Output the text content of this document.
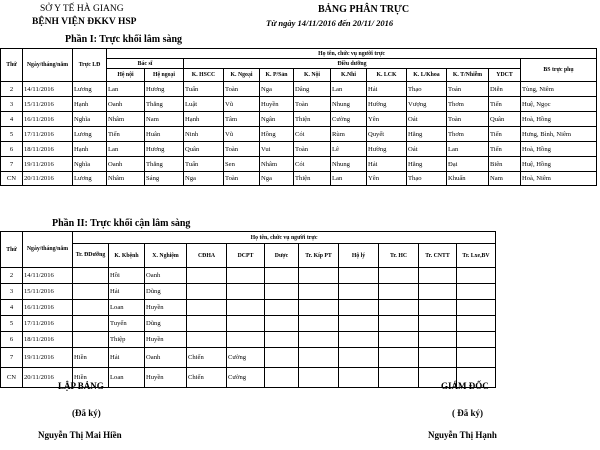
SỞ Y TẾ HÀ GIANG
BỆNH VIỆN ĐKKV HSP
BẢNG PHÂN TRỰC
Từ ngày 14/11/2016 đến 20/11/ 2016
Phần I: Trực khối lâm sàng
Thứ	Ngày/tháng/năm	Trực LĐ	Họ tên, chức vụ người trực											
			Bác sĩ		Điều dưỡng									BS trực phụ
			Hệ nội	Hệ ngoại	K. HSCC	K. Ngoại	K. P/Sản	K. Nội	K.Nhi	K. LCK	K. L/Khoa	K. T/Nhiễm	YDCT	
2	14/11/2016	Lương	Lan	Hương	Tuấn	Toàn	Nga	Dâng	Lan	Hải	Thạo	Toán	Diễn	Tùng, Niêm
3	15/11/2016	Hạnh	Oanh	Thắng	Luật	Vũ	Huyền	Toàn	Nhung	Hường	Vượng	Thơm	Tiến	Huệ, Ngọc
4	16/11/2016	Nghĩa	Nhâm	Nam	Hạnh	Tâm	Ngân	Thiện	Cường	Yên	Oát	Toàn	Quân	Hoà, Hồng
5	17/11/2016	Lương	Tiến	Huân	Ninh	Vũ	Hồng	Cói	Rùm	Quyết	Hằng	Thơm	Tiến	Hưng, Bình, Niêm
6	18/11/2016	Hạnh	Lan	Hương	Quân	Toàn	Vui	Toàn	Lê	Hường	Oát	Lan	Tiến	Hoà, Hồng
7	19/11/2016	Nghĩa	Oanh	Thắng	Tuấn	Sen	Nhâm	Cói	Nhung	Hải	Hằng	Đại	Biên	Huệ, Hồng
CN	20/11/2016	Lương	Nhâm	Sáng	Nga	Toàn	Nga	Thiện	Lan	Yên	Thạo	Khuấn	Nam	Hoà, Niêm
Phần II: Trực khối cận lâm sàng
Thứ	Ngày/tháng/năm	Họ tên, chức vụ người trực										
		Tr. ĐDưỡng	K. Kbệnh	X. Nghiệm	CĐHA	DCPT	Dược	Tr. Kíp PT	Hộ lý	Tr. HC	Tr. CNTT	Tr. Lxe,BV
2	14/11/2016		Hồi	Oanh								
3	15/11/2016		Hải	Dũng								
4	16/11/2016		Loan	Huyền								
5	17/11/2016		Tuyến	Dũng								
6	18/11/2016		Thiệp	Huyền								
7	19/11/2016	Hiền	Hải	Oanh	Chiến	Cường						
CN	20/11/2016	Hiền	Loan	Huyền	Chiến	Cường						
LẬP BẢNG
(Đã ký)
Nguyễn Thị Mai Hiền
GIÁM ĐỐC
( Đã ký)
Nguyễn Thị Hạnh
